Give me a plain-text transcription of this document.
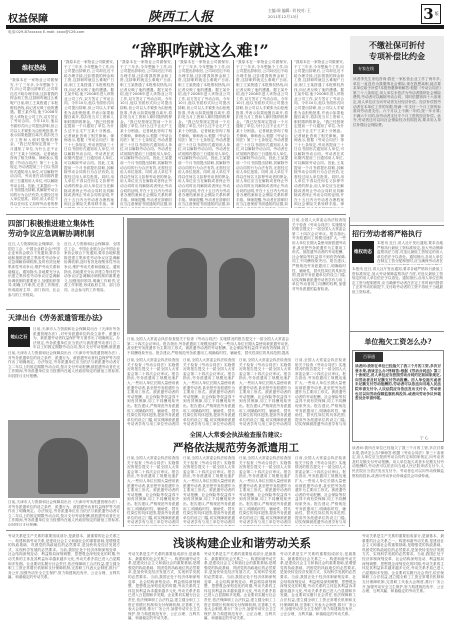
权益保障	陕西工人报	主编:周 编辑: 刘 校对: 王
2011年12月13日	3 版
电话:029-87xxxxxx E-mail: xxxx@126.com
“辞职咋就这么难!”
维权热线
“我原本在一家物业公司做保安,干了三年多,今年想换个工作,向公司提出辞职后,公司却迟迟不给办理手续,还扣着我的押金和工资,这辞职咋就这么难呢!”日前,职工王某拨通了本报维权热线,向记者反映了他的遭遇。据王某介绍,他于2008年进入该物业公司工作,双方签订了劳动合同。今年10月,他以书面形式向公司提出辞职,但公司以人手紧张为由拒绝批准,并表示如果他擅自离开,将扣发当月工资和入职时缴纳的押金。“我已经按规定提前一个月通知了单位,为什么还不让走?”王某十分困惑。记者就此咨询了相关律师。律师表示,根据《劳动合同法》第三十七条规定,劳动者提前三十日以书面形式通知用人单位,可以解除劳动合同。劳动者在试用期内提前三日通知用人单位,可以解除劳动合同。因此,王某提前一个月书面提出辞职,其解除劳动合同的行为合法有效,无需经过用人单位批准。同时,用人单位不得以任何名义扣押劳动者的押
“我原本在一家物业公司做保安,干了三年多,今年想换个工作,向公司提出辞职后,公司却迟迟不给办理手续,还扣着我的押金和工资,这辞职咋就这么难呢!”日前,职工王某拨通了本报维权热线,向记者反映了他的遭遇。据王某介绍,他于2008年进入该物业公司工作,双方签订了劳动合同。今年10月,他以书面形式向公司提出辞职,但公司以人手紧张为由拒绝批准,并表示如果他擅自离开,将扣发当月工资和入职时缴纳的押金。“我已经按规定提前一个月通知了单位,为什么还不让走?”王某十分困惑。记者就此咨询了相关律师。律师表示,根据《劳动合同法》第三十七条规定,劳动者提前三十日以书面形式通知用人单位,可以解除劳动合同。劳动者在试用期内提前三日通知用人单位,可以解除劳动合同。因此,王某提前一个月书面提出辞职,其解除劳动合同的行为合法有效,无需经过用人单位批准。同时,用人单位不得以任何名义扣押劳动者的押金,用人单位应当在解除或者终止劳动合同时出具解除或者终止劳动合同的证明,并在十五日内为劳动者办理档案和社会保险关系转移手续。律
“我原本在一家物业公司做保安,干了三年多,今年想换个工作,向公司提出辞职后,公司却迟迟不给办理手续,还扣着我的押金和工资,这辞职咋就这么难呢!”日前,职工王某拨通了本报维权热线,向记者反映了他的遭遇。据王某介绍,他于2008年进入该物业公司工作,双方签订了劳动合同。今年10月,他以书面形式向公司提出辞职,但公司以人手紧张为由拒绝批准,并表示如果他擅自离开,将扣发当月工资和入职时缴纳的押金。“我已经按规定提前一个月通知了单位,为什么还不让走?”王某十分困惑。记者就此咨询了相关律师。律师表示,根据《劳动合同法》第三十七条规定,劳动者提前三十日以书面形式通知用人单位,可以解除劳动合同。劳动者在试用期内提前三日通知用人单位,可以解除劳动合同。因此,王某提前一个月书面提出辞职,其解除劳动合同的行为合法有效,无需经过用人单位批准。同时,用人单位不得以任何名义扣押劳动者的押金,用人单位应当在解除或者终止劳动合同时出具解除或者终止劳动合同的证明,并在十五日内为劳动者办理档案和社会保险关系转移手续。律师提醒,劳动者在辞职时应当注意保留书面通知的证据,如
“我原本在一家物业公司做保安,干了三年多,今年想换个工作,向公司提出辞职后,公司却迟迟不给办理手续,还扣着我的押金和工资,这辞职咋就这么难呢!”日前,职工王某拨通了本报维权热线,向记者反映了他的遭遇。据王某介绍,他于2008年进入该物业公司工作,双方签订了劳动合同。今年10月,他以书面形式向公司提出辞职,但公司以人手紧张为由拒绝批准,并表示如果他擅自离开,将扣发当月工资和入职时缴纳的押金。“我已经按规定提前一个月通知了单位,为什么还不让走?”王某十分困惑。记者就此咨询了相关律师。律师表示,根据《劳动合同法》第三十七条规定,劳动者提前三十日以书面形式通知用人单位,可以解除劳动合同。劳动者在试用期内提前三日通知用人单位,可以解除劳动合同。因此,王某提前一个月书面提出辞职,其解除劳动合同的行为合法有效,无需经过用人单位批准。同时,用人单位不得以任何名义扣押劳动者的押金,用人单位应当在解除或者终止劳动合同时出具解除或者终止劳动合同的证明,并在十五日内为劳动者办理档案和社会保险关系转移手续。律师提醒,劳动者在辞职时应当注意保留书面通知的证据,如
“我原本在一家物业公司做保安,干了三年多,今年想换个工作,向公司提出辞职后,公司却迟迟不给办理手续,还扣着我的押金和工资,这辞职咋就这么难呢!”日前,职工王某拨通了本报维权热线,向记者反映了他的遭遇。据王某介绍,他于2008年进入该物业公司工作,双方签订了劳动合同。今年10月,他以书面形式向公司提出辞职,但公司以人手紧张为由拒绝批准,并表示如果他擅自离开,将扣发当月工资和入职时缴纳的押金。“我已经按规定提前一个月通知了单位,为什么还不让走?”王某十分困惑。记者就此咨询了相关律师。律师表示,根据《劳动合同法》第三十七条规定,劳动者提前三十日以书面形式通知用人单位,可以解除劳动合同。劳动者在试用期内提前三日通知用人单位,可以解除劳动合同。因此,王某提前一个月书面提出辞职,其解除劳动合同的行为合法有效,无需经过用人单位批准。同时,用人单位不得以任何名义扣押劳动者的押金,用人单位应当在解除或者终止劳动合同时出具解除或者终止劳动合同的证明,并在十五日内为劳动者办理档案和社会保险关系转移手续。律师提醒,劳动者在辞职时应当注意保留书面通知的证据,如
“我原本在一家物业公司做保安,干了三年多,今年想换个工作,向公司提出辞职后,公司却迟迟不给办理手续,还扣着我的押金和工资,这辞职咋就这么难呢!”日前,职工王某拨通了本报维权热线,向记者反映了他的遭遇。据王某介绍,他于2008年进入该物业公司工作,双方签订了劳动合同。今年10月,他以书面形式向公司提出辞职,但公司以人手紧张为由拒绝批准,并表示如果他擅自离开,将扣发当月工资和入职时缴纳的押金。“我已经按规定提前一个月通知了单位,为什么还不让走?”王某十分困惑。记者就此咨询了相关律师。律师表示,根据《劳动合同法》第三十七条规定,劳动者提前三十日以书面形式通知用人单位,可以解除劳动合同。劳动者在试用期内提前三日通知用人单位,可以解除劳动合同。因此,王某提前一个月书面提出辞职,其解除劳动合同的行为合法有效,无需经过用人单位批准。同时,用人单位不得以任何名义扣押劳动者的押金,用人单位应当在解除或者终止劳动合同时出具解除或者终止劳动合同的证明,并在十五日内为劳动者办理档案和社会保险关系转移手续。律
不缴社保可折付
专项补偿比约金
专家在线
读者李先生来电咨询:我在一家私营企业工作了两年多,单位一直没有为我缴纳社会保险,现在我想离职,能否要求单位给予补偿?本报特邀律师解答:根据《劳动合同法》第三十八条规定,用人单位未依法为劳动者缴纳社会保险费的,劳动者可以解除劳动合同。同时依据第四十六条规定,用人单位应当向劳动者支付经济补偿。经济补偿按劳动者在本单位工作的年限,每满一年支付一个月工资的标准向劳动者支付。六个月以上不满一年的,按一年计算;不满六个月的,向劳动者支付半个月工资的经济补偿。此外,劳动者还可以向社会保险经办机构投诉,要求用人单位补缴社会保险费。
四部门积极推进建立集体性
劳动争议应急调解协调机制
近日,人力资源和社会保障部、全国总工会、中国企业联合会/中国企业家协会联合下发通知,要求各地积极推进建立集体性劳动争议应急调解协调机制,及时有效处理集体性劳动争议,维护劳动关系和谐稳定。通知指出,各地要充分认识建立集体性劳动争议应急调解协调机制的重要意义,加强组织领导,明确工作职责,完善工作制度,形成政府主导、部门协同、社会参与的工作格局。
近日,人力资源和社会保障部、全国总工会、中国企业联合会/中国企业家协会联合下发通知,要求各地积极推进建立集体性劳动争议应急调解协调机制,及时有效处理集体性劳动争议,维护劳动关系和谐稳定。通知指出,各地要充分认识建立集体性劳动争议应急调解协调机制的重要意义,加强组织领导,明确工作职责,完善工作制度,形成政府主导、部门协同、社会参与的工作格局。
日前,全国人大常委会执法检查组关于检查《劳动合同法》实施情况的报告提交十一届全国人大常委会第二十四次会议审议。报告指出,劳务派遣用工规模迅速扩大,一些用人单位长期大量使用被派遣劳动者,甚至把劳务派遣作为主要用工形式。被派遣劳动者的劳动报酬、社会保险等权益得不到有效保障,同工不同酬现象突出。报告建议,严格规范劳务派遣用工,明确临时性、辅助性、替代性岗位的具体范围,提高
日前,全国人大常委会执法检查组关于检查《劳动合同法》实施情况的报告提交十一届全国人大常委会第二十四次会议审议。报告指出,劳务派遣用工规模迅速扩大,一些用人单位长期大量使用被派遣劳动者,甚至把劳务派遣作为主要用工形式。被派遣劳动者的劳动报酬、社会保险等权益得不到有效保障,同工不同酬现象突出。报告建议,严格规范劳务派遣用工,明确临时性、辅助性、替代性岗位的具体范围,提高劳务派遣单位的设立门槛,切实保障被派遣劳动者享有与用工单位劳动者同工同酬的权利,加强对劳务派遣的监督检查。
招行劳动者将严格执行
维权动态
本报讯 近日,省人社厅发出通知,要求各地严格执行最低工资标准规定,加大劳动保障监察执法力度,对违反最低工资规定的用人单位依法予以查处。通知指出,各用人单位在制定工资分配制度时,应当确保劳动者在
本报讯 近日,省人社厅发出通知,要求各地严格执行最低工资标准规定,加大劳动保障监察执法力度,对违反最低工资规定的用人单位依法予以查处。通知指出,各用人单位在制定工资分配制度时,应当确保劳动者在法定工作时间内提供了正常劳动的前提下,支付给劳动者的工资不得低于当地最低工资标准。
天津出台《劳务派遣管理办法》
她山之石
日前,天津市人力资源和社会保障局出台《天津市劳务派遣管理办法》,对劳务派遣单位的设立条件、派遣行为、被派遣劳动者权益保护等方面作出了明确规定。办法规定,劳务派遣单位应当依法与被派遣劳动者订立二年以上的固定期限劳动合同,按月支付劳动报酬,被派遣
日前,天津市人力资源和社会保障局出台《天津市劳务派遣管理办法》,对劳务派遣单位的设立条件、派遣行为、被派遣劳动者权益保护等方面作出了明确规定。办法规定,劳务派遣单位应当依法与被派遣劳动者订立二年以上的固定期限劳动合同,按月支付劳动报酬,被派遣劳动者在无工作期间,劳务派遣单位应当按照所在地人民政府规定的最低工资标准,向其按月支付报酬。
日前,全国人大常委会执法检查组关于检查《劳动合同法》实施情况的报告提交十一届全国人大常委会第二十四次会议审议。报告指出,劳务派遣用工规模迅速扩大,一些用人单位长期大量使用被派遣劳动者,甚至把劳务派遣作为主要用工形式。被派遣劳动者的劳动报酬、社会保险等权益得不到有效保障,同工不同酬现象突出。报告建议,严格规范劳务派遣用工,明确临时性、辅助性、替代性岗位的具体范围,提高劳务派遣单位的设立门槛,切实保障被派遣劳动者享有与用工单位劳动者同
日前,全国人大常委会执法检查组关于检查《劳动合同法》实施情况的报告提交十一届全国人大常委会第二十四次会议审议。报告指出,劳务派遣用工规模迅速扩大,一些用人单位长期大量使用被派遣劳动者,甚至把劳务派遣作为主要用工形式。被派遣劳动者的劳动报酬、社会保险等权益得不到有效保障,同工不同酬现象突出。报告建议,严格规范劳务派遣用工,明确临时性、辅助性、替代性岗位的具体范围,提高劳务派遣单位的设立门槛,切实保障被派遣劳动者享有与用工单位劳动者同
日前,全国人大常委会执法检查组关于检查《劳动合同法》实施情况的报告提交十一届全国人大常委会第二十四次会议审议。报告指出,劳务派遣用工规模迅速扩大,一些用人单位长期大量使用被派遣劳动者,甚至把劳务派遣作为主要用工形式。被派遣劳动者的劳动报酬、社会保险等权益得不到有效保障,同工不同酬现象突出。报告建议,严格规范劳务派遣用工,明确临时性、辅助性、替代性岗位的具体范围,提高劳务派遣单位的设立门槛,切实保障被派遣劳动者享有与用工单位劳动者同
日前,全国人大常委会执法检查组关于检查《劳动合同法》实施情况的报告提交十一届全国人大常委会第二十四次会议审议。报告指出,劳务派遣用工规模迅速扩大,一些用人单位长期大量使用被派遣劳动者,甚至把劳务派遣作为主要用工形式。被派遣劳动者的劳动报酬、社会保险等权益得不到有效保障,同工不同酬现象突出。报告建议,严格规范劳务派遣用工,明确临时性、辅助性、替代性岗位的具体范围,提高劳务派遣单位的设立门槛,切实保障被派遣劳动者享有与用
全国人大常委会执法检查报告建议:
严格依法规范劳务派遣用工
日前,全国人大常委会执法检查组关于检查《劳动合同法》实施情况的报告提交十一届全国人大常委会第二十四次会议审议。报告指出,劳务派遣用工规模迅速扩大,一些用人单位长期大量使用被派遣劳动者,甚至把劳务派遣作为主要用工形式。被派遣劳动者的劳动报酬、社会保险等权益得不到有效保障,同工不同酬现象突出。报告建议,严格规范劳务派遣用工,明确临时性、辅助性、替代性岗位的具体范围,提高劳务派遣单位的设立门槛,切实保障被派遣劳动者享有与用工单位劳动者同
日前,全国人大常委会执法检查组关于检查《劳动合同法》实施情况的报告提交十一届全国人大常委会第二十四次会议审议。报告指出,劳务派遣用工规模迅速扩大,一些用人单位长期大量使用被派遣劳动者,甚至把劳务派遣作为主要用工形式。被派遣劳动者的劳动报酬、社会保险等权益得不到有效保障,同工不同酬现象突出。报告建议,严格规范劳务派遣用工,明确临时性、辅助性、替代性岗位的具体范围,提高劳务派遣单位的设立门槛,切实保障被派遣劳动者享有与用工单位劳动者同
日前,全国人大常委会执法检查组关于检查《劳动合同法》实施情况的报告提交十一届全国人大常委会第二十四次会议审议。报告指出,劳务派遣用工规模迅速扩大,一些用人单位长期大量使用被派遣劳动者,甚至把劳务派遣作为主要用工形式。被派遣劳动者的劳动报酬、社会保险等权益得不到有效保障,同工不同酬现象突出。报告建议,严格规范劳务派遣用工,明确临时性、辅助性、替代性岗位的具体范围,提高劳务派遣单位的设立门槛,切实保障被派遣劳动者享有与用工单位劳动者同
日前,全国人大常委会执法检查组关于检查《劳动合同法》实施情况的报告提交十一届全国人大常委会第二十四次会议审议。报告指出,劳务派遣用工规模迅速扩大,一些用人单位长期大量使用被派遣劳动者,甚至把劳务派遣作为主要用工形式。被派遣劳动者的劳动报酬、社会保险等权益得不到有效保障,同工不同酬现象突出。报告建议,严格规范劳务派遣用工,明确临时性、辅助性、替代性岗位的具体范围,提高劳务派遣单位的设立门槛,切实保障被派遣劳动者享有与用
日前,天津市人力资源和社会保障局出台《天津市劳务派遣管理办法》,对劳务派遣单位的设立条件、派遣行为、被派遣劳动者权益保护等方面作出了明确规定。办法规定,劳务派遣单位应当依法与被派遣劳动者订立二年以上的固定期限劳动合同,按月支付劳动报酬,被派遣劳动者在无工作期间,劳务派遣单位应当按照所在地人民政府规定的最低工资标准,向其按月支付报酬。
单位拖欠工资怎么办?
百事通
读者问:我所在单位已经拖欠了我三个月的工资,多次讨要未果,我该怎么办?律师答:根据《劳动合同法》第三十条规定,用人单位应当按照劳动合同约定和国家规定,向劳动者及时足额支付劳动报酬。用人单位拖欠或者未足额支付劳动报酬的,劳动者可以依法向当地人民法院申请支付令,人民法院应当依法发出支付令。劳动者也可以向劳动保障监察机构投诉,或者向劳动争议仲裁委员会申请仲裁。
宁 心
读者问:我所在单位已经拖欠了我三个月的工资,多次讨要未果,我该怎么办?律师答:根据《劳动合同法》第三十条规定,用人单位应当按照劳动合同约定和国家规定,向劳动者及时足额支付劳动报酬。用人单位拖欠或者未足额支付劳动报酬的,劳动者可以依法向当地人民法院申请支付令,人民法院应当依法发出支付令。劳动者也可以向劳动保障监察机构投诉,或者向劳动争议仲裁委员会申请仲裁。
劳动关系是生产关系的重要组成部分,是最基本、最重要的社会关系之一。构建和谐劳动关系,是建设社会主义和谐社会的重要基础,是增强党的执政基础、巩固党的执政地位的必然要求,是加快转变经济发展方式、实现科学发展的必然要求。当前,我国正处于经济体制深刻变革、社会结构深刻变动、利益格局深刻调整、思想观念深刻变化的时期,劳动关系的主体及其利益诉求越来越多元化,劳动关系矛盾已进入凸显期和多发期。企业要切实履行社会责任,依法保障职工合法权益,建立健全职工工资正常增长机制和支付保障机制,完善职工代表大会制度,推行厂务公开,加强劳动安全卫生保护,努力构建规范有序、公正合理、互利共赢、和谐稳定的劳动关系。
浅谈构建企业和谐劳动关系
劳动关系是生产关系的重要组成部分,是最基本、最重要的社会关系之一。构建和谐劳动关系,是建设社会主义和谐社会的重要基础,是增强党的执政基础、巩固党的执政地位的必然要求,是加快转变经济发展方式、实现科学发展的必然要求。当前,我国正处于经济体制深刻变革、社会结构深刻变动、利益格局深刻调整、思想观念深刻变化的时期,劳动关系的主体及其利益诉求越来越多元化,劳动关系矛盾已进入凸显期和多发期。企业要切实履行社会责任,依法保障职工合法权益,建立健全职工工资正常增长机制和支付保障机制,完善职工代表大会制度,推行厂务公开,加强劳动安全卫生保护,努力构建规范有序、公正合理、互利共赢、和谐稳定的劳动关系。
劳动关系是生产关系的重要组成部分,是最基本、最重要的社会关系之一。构建和谐劳动关系,是建设社会主义和谐社会的重要基础,是增强党的执政基础、巩固党的执政地位的必然要求,是加快转变经济发展方式、实现科学发展的必然要求。当前,我国正处于经济体制深刻变革、社会结构深刻变动、利益格局深刻调整、思想观念深刻变化的时期,劳动关系的主体及其利益诉求越来越多元化,劳动关系矛盾已进入凸显期和多发期。企业要切实履行社会责任,依法保障职工合法权益,建立健全职工工资正常增长机制和支付保障机制,完善职工代表大会制度,推行厂务公开,加强劳动安全卫生保护,努力构建规范有序、公正合理、互利共赢、和谐稳定的劳动关系。
劳动关系是生产关系的重要组成部分,是最基本、最重要的社会关系之一。构建和谐劳动关系,是建设社会主义和谐社会的重要基础,是增强党的执政基础、巩固党的执政地位的必然要求,是加快转变经济发展方式、实现科学发展的必然要求。当前,我国正处于经济体制深刻变革、社会结构深刻变动、利益格局深刻调整、思想观念深刻变化的时期,劳动关系的主体及其利益诉求越来越多元化,劳动关系矛盾已进入凸显期和多发期。企业要切实履行社会责任,依法保障职工合法权益,建立健全职工工资正常增长机制和支付保障机制,完善职工代表大会制度,推行厂务公开,加强劳动安全卫生保护,努力构建规范有序、公正合理、互利共赢、和谐稳定的劳动关系。
劳动关系是生产关系的重要组成部分,是最基本、最重要的社会关系之一。构建和谐劳动关系,是建设社会主义和谐社会的重要基础,是增强党的执政基础、巩固党的执政地位的必然要求,是加快转变经济发展方式、实现科学发展的必然要求。当前,我国正处于经济体制深刻变革、社会结构深刻变动、利益格局深刻调整、思想观念深刻变化的时期,劳动关系的主体及其利益诉求越来越多元化,劳动关系矛盾已进入凸显期和多发期。企业要切实履行社会责任,依法保障职工合法权益,建立健全职工工资正常增长机制和支付保障机制,完善职工代表大会制度,推行厂务公开,加强劳动安全卫生保护,努力构建规范有序、公正合理、互利共赢、和谐稳定的劳动关系。
